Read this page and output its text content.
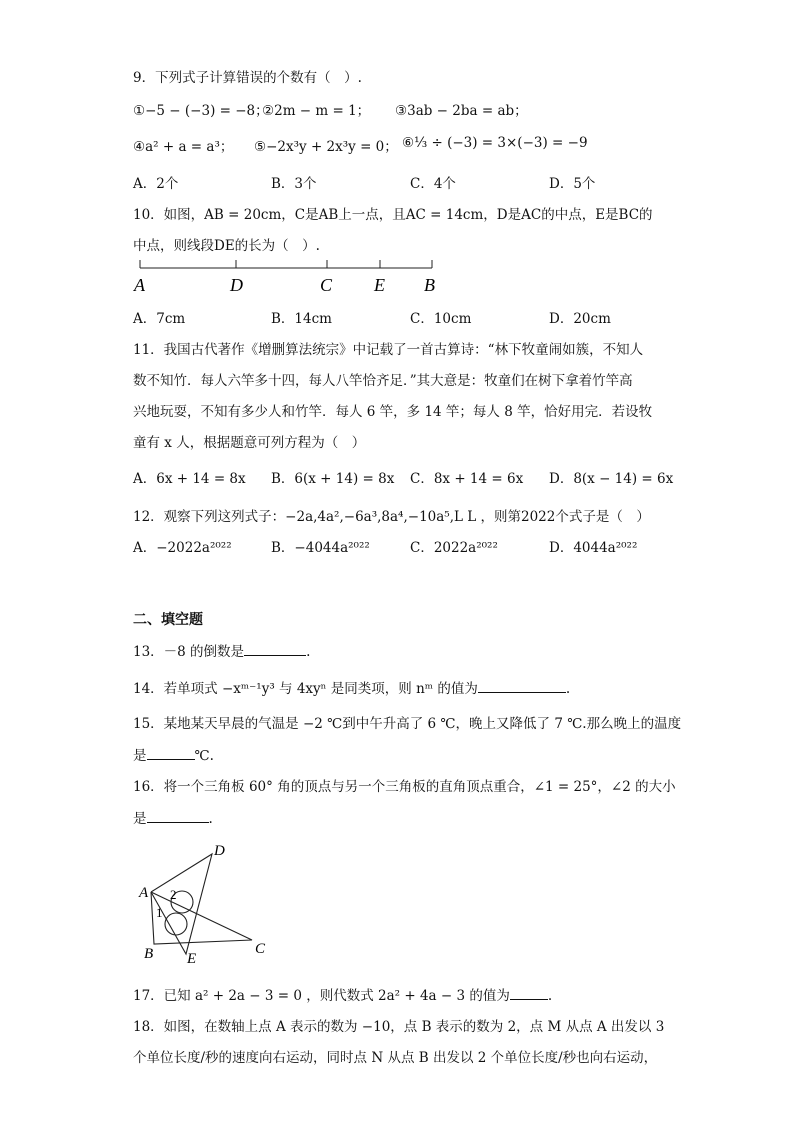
9．下列式子计算错误的个数有（　）.
①−5 − (−3) = −8；
②2m − m = 1； ③3ab − 2ba = ab；
④a² + a = a³； ⑤−2x³y + 2x³y = 0； ⑥⅓ ÷ (−3) = 3×(−3) = −9
A．2个	B．3个	C．4个	D．5个
10．如图，AB = 20cm，C是AB上一点，且AC = 14cm，D是AC的中点，E是BC的
中点，则线段DE的长为（　）.
A	D	C E B
A．7cm	B．14cm	C．10cm	D．20cm
11．我国古代著作《增删算法统宗》中记载了一首古算诗：“林下牧童闹如簇，不知人
数不知竹．每人六竿多十四，每人八竿恰齐足．”其大意是：牧童们在树下拿着竹竿高
兴地玩耍，不知有多少人和竹竿．每人 6 竿，多 14 竿；每人 8 竿，恰好用完．若设牧
童有 x 人，根据题意可列方程为（　）
A．6x + 14 = 8x B．6(x + 14) = 8x C．8x + 14 = 6x D．8(x − 14) = 6x
12．观察下列这列式子：−2a,4a²,−6a³,8a⁴,−10a⁵,L L ，则第2022个式子是（　）
A．−2022a²⁰²²	B．−4044a²⁰²²	C．2022a²⁰²²	D．4044a²⁰²²
二、填空题
13．－8 的倒数是	.
14．若单项式 −xᵐ⁻¹y³ 与 4xyⁿ 是同类项，则 nᵐ 的值为	.
15．某地某天早晨的气温是 −2 ℃到中午升高了 6 ℃，晚上又降低了 7 ℃.那么晚上的温度
是	℃.
16．将一个三角板 60° 角的顶点与另一个三角板的直角顶点重合，∠1 = 25°，∠2 的大小
是	.
D
A 2
1
B E
C
17．已知 a² + 2a − 3 = 0 ，则代数式 2a² + 4a − 3 的值为	.
18．如图，在数轴上点 A 表示的数为 −10，点 B 表示的数为 2，点 M 从点 A 出发以 3
个单位长度/秒的速度向右运动，同时点 N 从点 B 出发以 2 个单位长度/秒也向右运动，
